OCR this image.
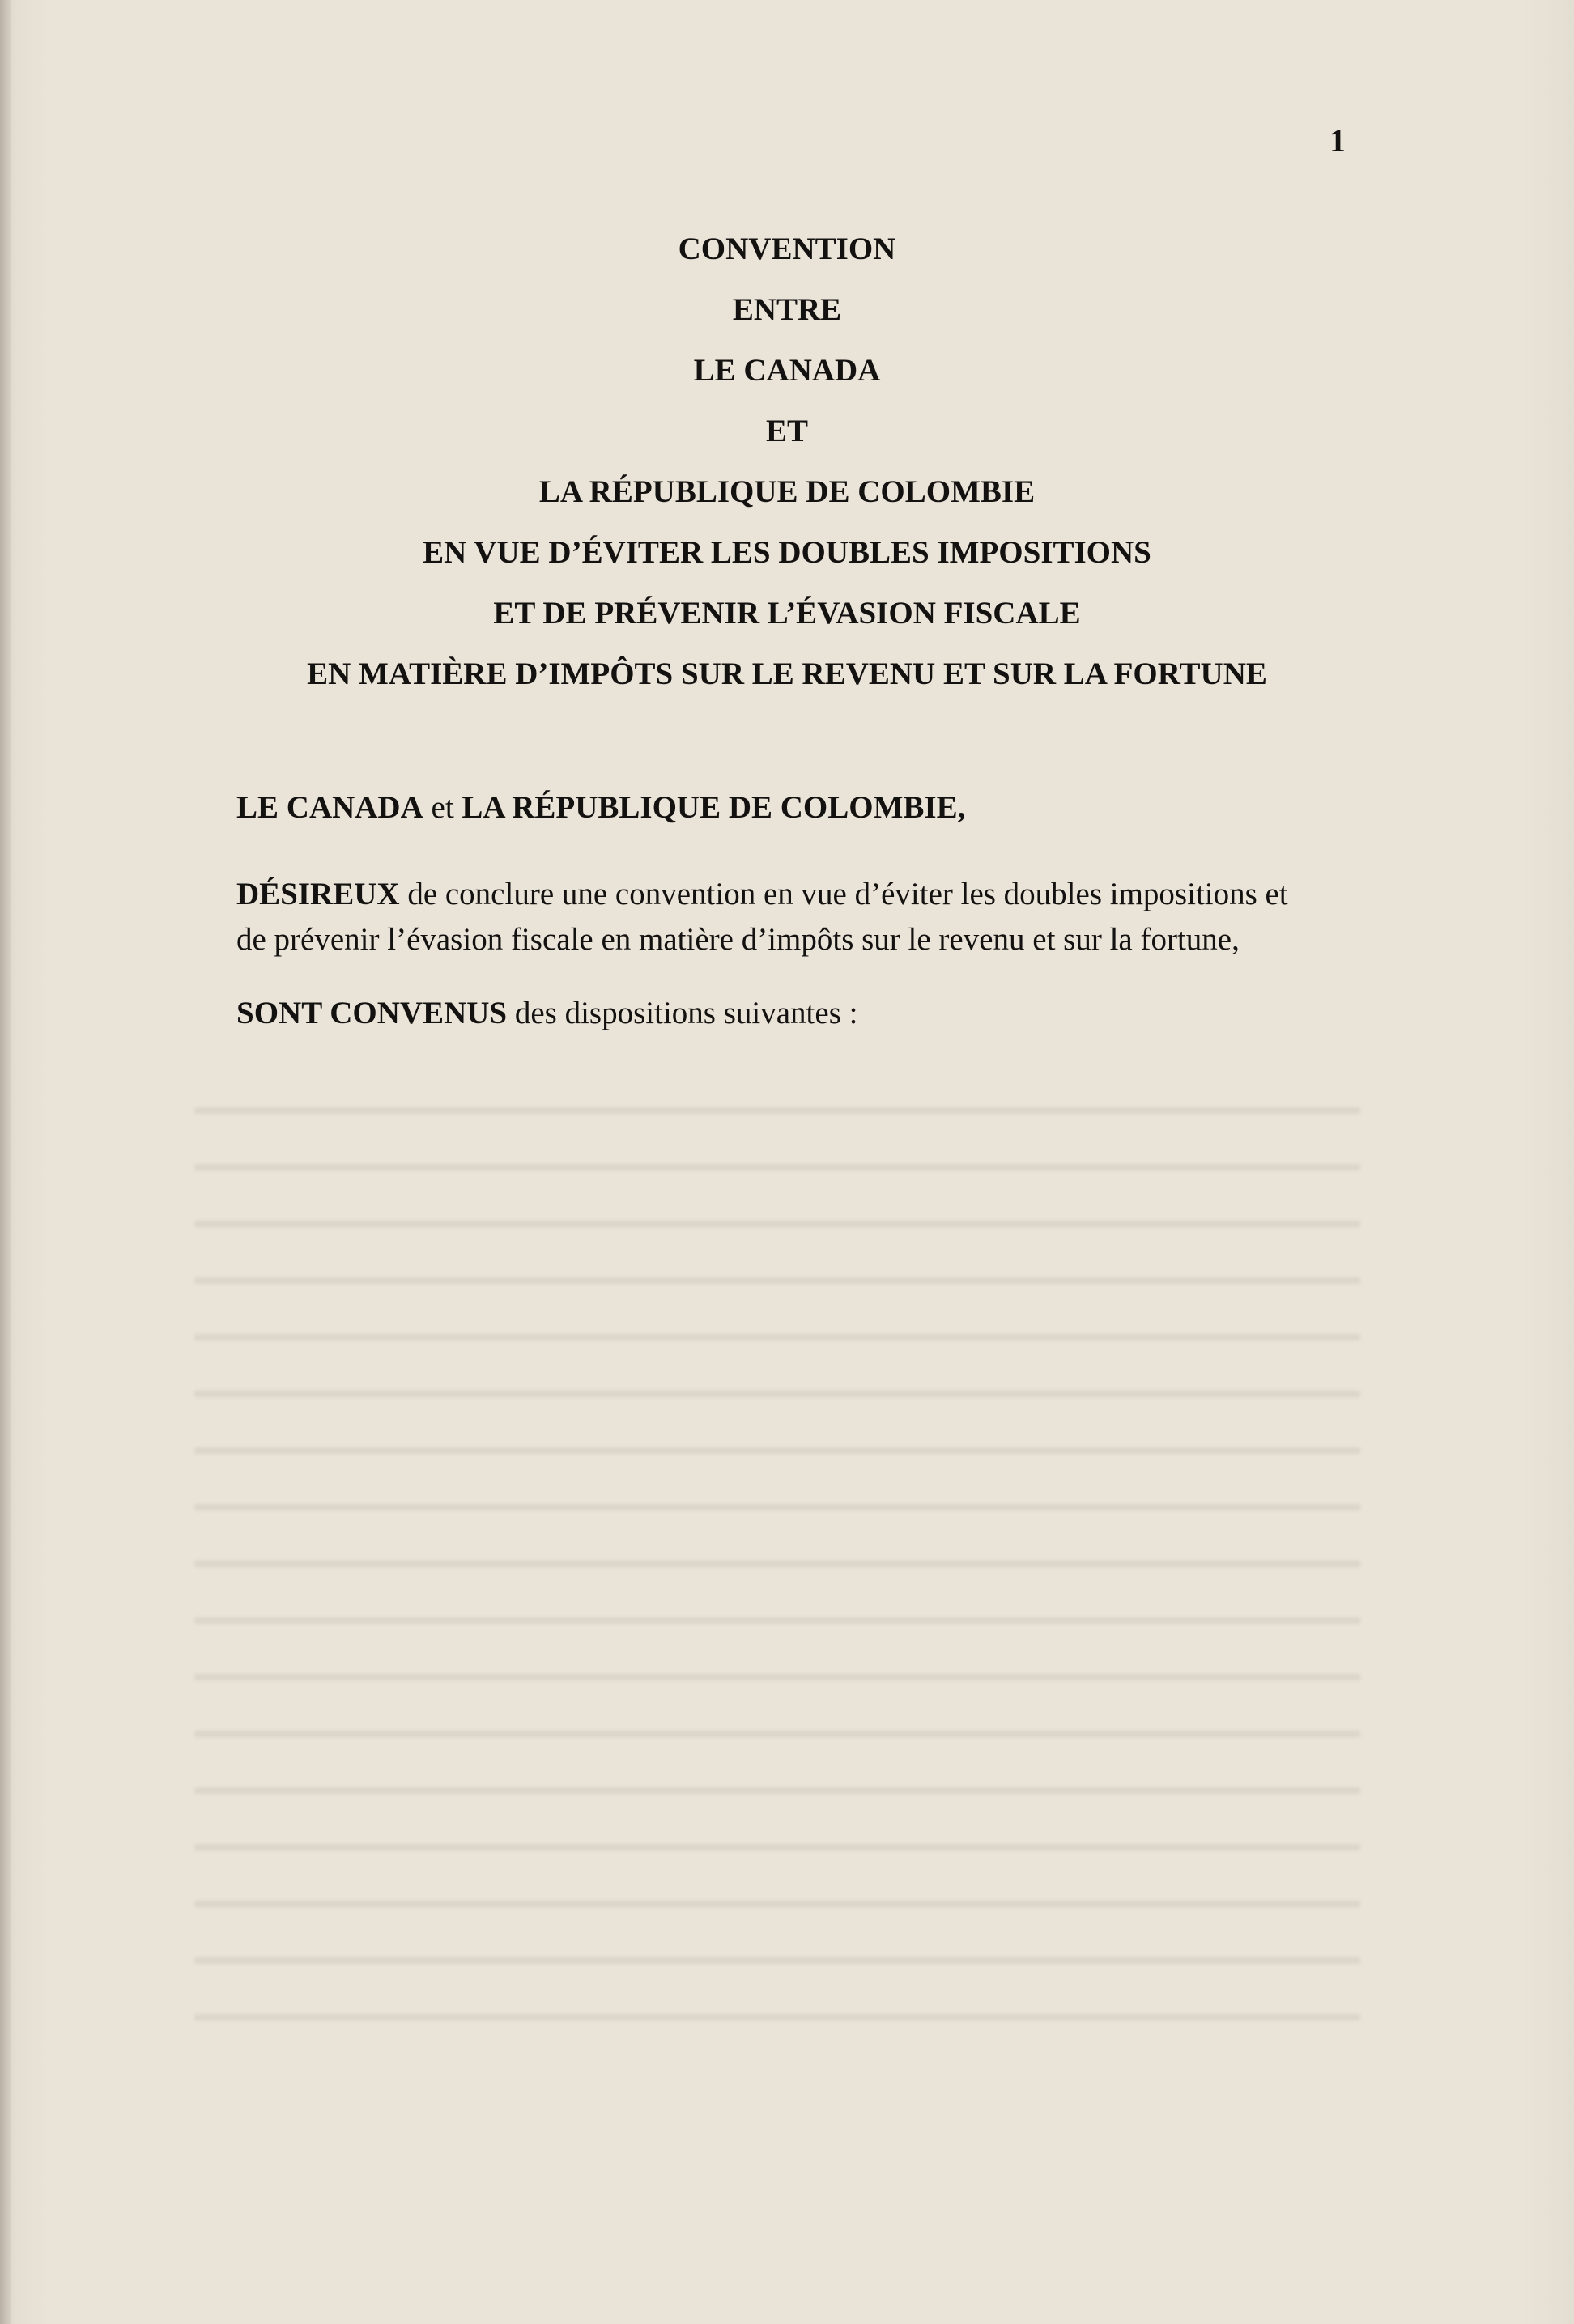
1
CONVENTION
ENTRE
LE CANADA
ET
LA RÉPUBLIQUE DE COLOMBIE
EN VUE D’ÉVITER LES DOUBLES IMPOSITIONS
ET DE PRÉVENIR L’ÉVASION FISCALE
EN MATIÈRE D’IMPÔTS SUR LE REVENU ET SUR LA FORTUNE
LE CANADA et LA RÉPUBLIQUE DE COLOMBIE,
DÉSIREUX de conclure une convention en vue d’éviter les doubles impositions et
de prévenir l’évasion fiscale en matière d’impôts sur le revenu et sur la fortune,
SONT CONVENUS des dispositions suivantes :
